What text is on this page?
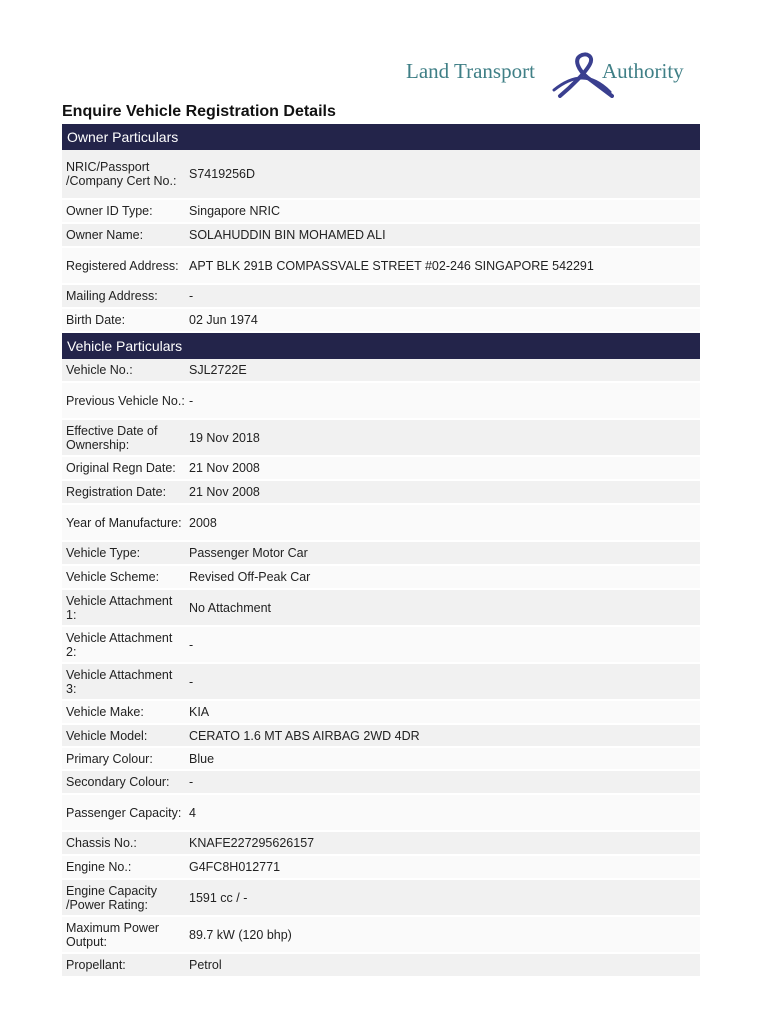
Land Transport	Authority
Enquire Vehicle Registration Details
Owner Particulars
NRIC/Passport /Company Cert No.:	S7419256D
Owner ID Type:	Singapore NRIC
Owner Name:	SOLAHUDDIN BIN MOHAMED ALI
Registered Address: APT BLK 291B COMPASSVALE STREET #02-246 SINGAPORE 542291
Mailing Address:	-
Birth Date:	02 Jun 1974
Vehicle Particulars
Vehicle No.:	SJL2722E
Previous Vehicle No.: -
Effective Date of Ownership:	19 Nov 2018
Original Regn Date:	21 Nov 2008
Registration Date:	21 Nov 2008
Year of Manufacture: 2008
Vehicle Type:	Passenger Motor Car
Vehicle Scheme:	Revised Off-Peak Car
Vehicle Attachment 1:	No Attachment
Vehicle Attachment 2:	-
Vehicle Attachment 3:	-
Vehicle Make:	KIA
Vehicle Model:	CERATO 1.6 MT ABS AIRBAG 2WD 4DR
Primary Colour:	Blue
Secondary Colour:	-
Passenger Capacity: 4
Chassis No.:	KNAFE227295626157
Engine No.:	G4FC8H012771
Engine Capacity /Power Rating:	1591 cc / -
Maximum Power Output:	89.7 kW (120 bhp)
Propellant:	Petrol
